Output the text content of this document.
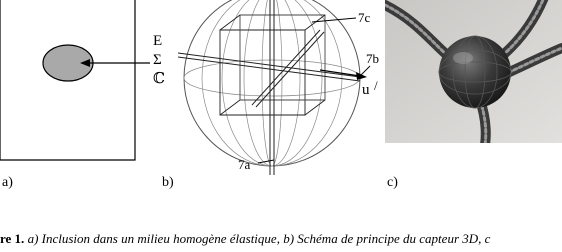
E
Σ
ℂ
a)
7c
7b
u /
7a
b)	c)
re 1. a) Inclusion dans un milieu homogène élastique, b) Schéma de principe du capteur 3D, c
